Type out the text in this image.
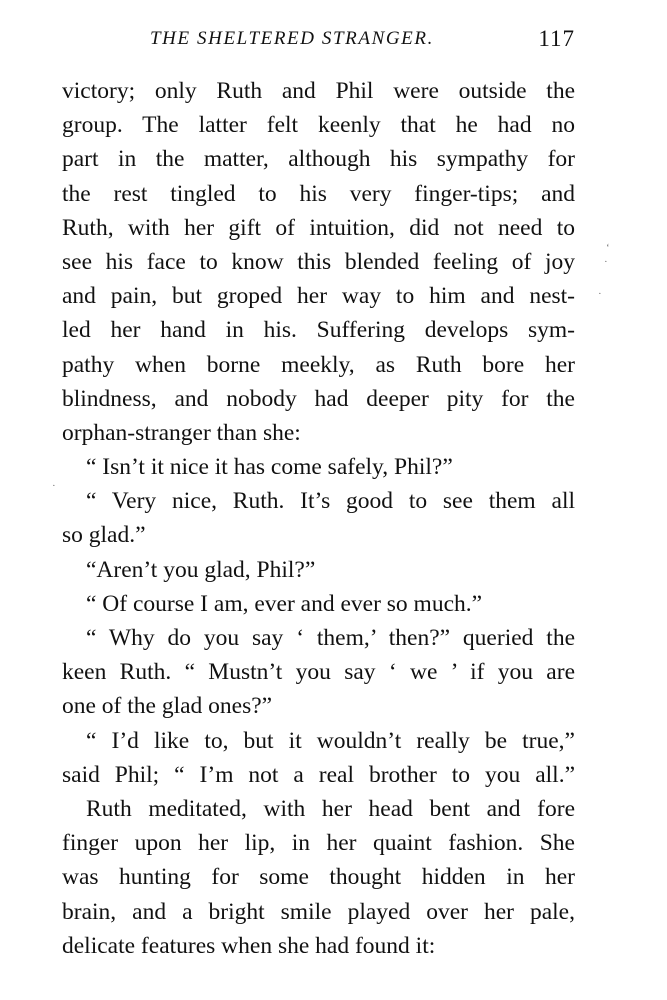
THE SHELTERED STRANGER.	117
victory; only Ruth and Phil were outside the
group. The latter felt keenly that he had no
part in the matter, although his sympathy for
the rest tingled to his very finger-tips; and
Ruth, with her gift of intuition, did not need to
see his face to know this blended feeling of joy
and pain, but groped her way to him and nest-
led her hand in his. Suffering develops sym-
pathy when borne meekly, as Ruth bore her
blindness, and nobody had deeper pity for the
orphan-stranger than she:
“ Isn’t it nice it has come safely, Phil?”
“ Very nice, Ruth. It’s good to see them all
so glad.”
“Aren’t you glad, Phil?”
“ Of course I am, ever and ever so much.”
“ Why do you say ‘ them,’ then?” queried the
keen Ruth. “ Mustn’t you say ‘ we ’ if you are
one of the glad ones?”
“ I’d like to, but it wouldn’t really be true,”
said Phil; “ I’m not a real brother to you all.”
Ruth meditated, with her head bent and fore
finger upon her lip, in her quaint fashion. She
was hunting for some thought hidden in her
brain, and a bright smile played over her pale,
delicate features when she had found it:
‘
·
·
·
